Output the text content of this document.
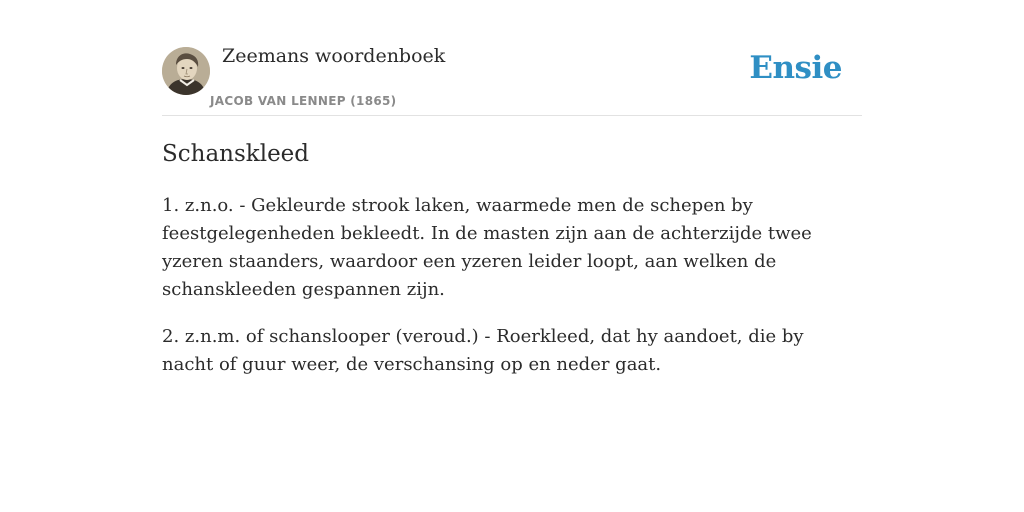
Zeemans woordenboek
JACOB VAN LENNEP (1865)
Ensie
Schanskleed

1. z.n.o. - Gekleurde strook laken, waarmede men de schepen by feestgelegenheden bekleedt. In de masten zijn aan de achterzijde twee yzeren staanders, waardoor een yzeren leider loopt, aan welken de schanskleeden gespannen zijn.

2. z.n.m. of schanslooper (veroud.) - Roerkleed, dat hy aandoet, die by nacht of guur weer, de verschansing op en neder gaat.
